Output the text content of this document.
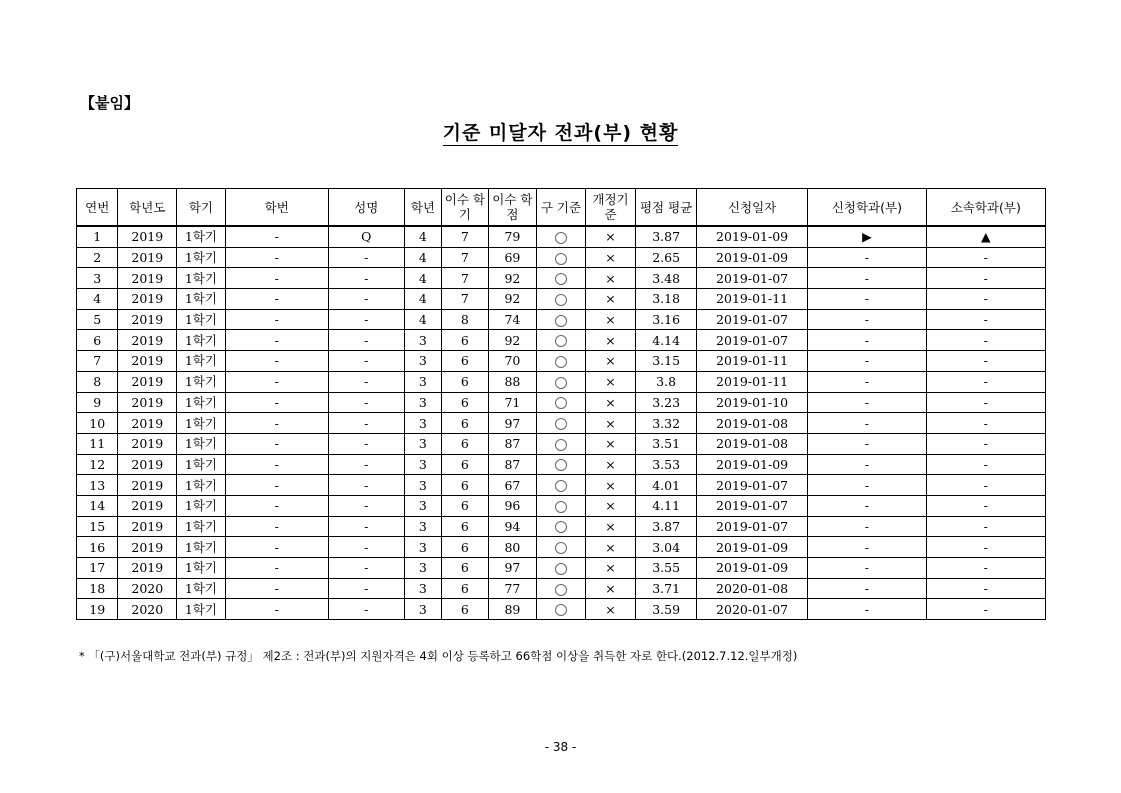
【붙임】
기준 미달자 전과(부) 현황
연번	학년도	학기	학번	성명	학년	이수 학기	이수 학점	구 기준	개정기 준	평점 평균	신청일자	신청학과(부)	소속학과(부)
1	2019	1학기	-	Q	4	7	79		×	3.87	2019-01-09	▶	▲
2	2019	1학기	-	-	4	7	69		×	2.65	2019-01-09	-	-
3	2019	1학기	-	-	4	7	92		×	3.48	2019-01-07	-	-
4	2019	1학기	-	-	4	7	92		×	3.18	2019-01-11	-	-
5	2019	1학기	-	-	4	8	74		×	3.16	2019-01-07	-	-
6	2019	1학기	-	-	3	6	92		×	4.14	2019-01-07	-	-
7	2019	1학기	-	-	3	6	70		×	3.15	2019-01-11	-	-
8	2019	1학기	-	-	3	6	88		×	3.8	2019-01-11	-	-
9	2019	1학기	-	-	3	6	71		×	3.23	2019-01-10	-	-
10	2019	1학기	-	-	3	6	97		×	3.32	2019-01-08	-	-
11	2019	1학기	-	-	3	6	87		×	3.51	2019-01-08	-	-
12	2019	1학기	-	-	3	6	87		×	3.53	2019-01-09	-	-
13	2019	1학기	-	-	3	6	67		×	4.01	2019-01-07	-	-
14	2019	1학기	-	-	3	6	96		×	4.11	2019-01-07	-	-
15	2019	1학기	-	-	3	6	94		×	3.87	2019-01-07	-	-
16	2019	1학기	-	-	3	6	80		×	3.04	2019-01-09	-	-
17	2019	1학기	-	-	3	6	97		×	3.55	2019-01-09	-	-
18	2020	1학기	-	-	3	6	77		×	3.71	2020-01-08	-	-
19	2020	1학기	-	-	3	6	89		×	3.59	2020-01-07	-	-
* 「(구)서울대학교 전과(부) 규정」 제2조 : 전과(부)의 지원자격은 4회 이상 등록하고 66학점 이상을 취득한 자로 한다.(2012.7.12.일부개정)
- 38 -
